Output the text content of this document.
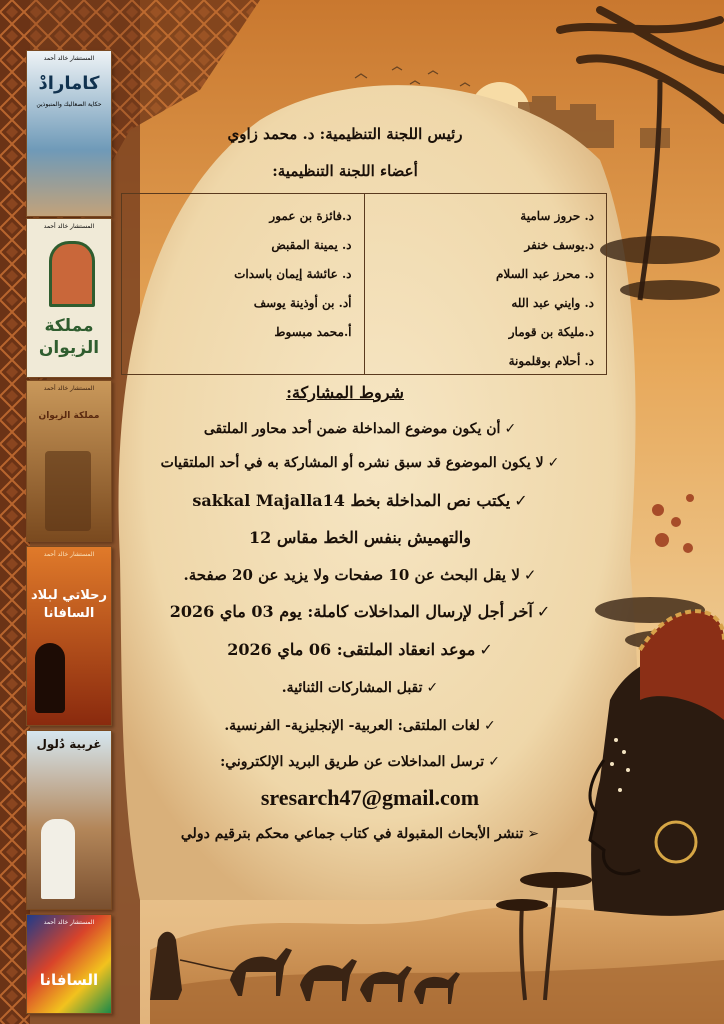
المستشار خالد أحمد
كامارادْ
حكاية الصعاليك والمنبوذين
المستشار خالد أحمد
مملكة الزيوان
المستشار خالد أحمد
مملكة الزيوان
المستشار خالد أحمد
رحلاتي لبلاد السافانا
غربية دُلول
المستشار خالد أحمد
السافانا
رئيس اللجنة التنظيمية: د. محمد زاوي
أعضاء اللجنة التنظيمية:
د. حروز سامية
د.يوسف خنفر
د. محرز عبد السلام
د. وايني عبد الله
د.مليكة بن قومار
د. أحلام بوقلمونة
د.فائزة بن عمور
د. يمينة المقبض
د. عائشة إيمان باسدات
أد. بن أوذينة يوسف
أ.محمد مبسوط
شروط المشاركة:
✓أن يكون موضوع المداخلة ضمن أحد محاور الملتقى
✓لا يكون الموضوع قد سبق نشره أو المشاركة به في أحد الملتقيات
✓يكتب نص المداخلة بخط sakkal Majalla14
والتهميش بنفس الخط مقاس 12
✓لا يقل البحث عن 10 صفحات ولا يزيد عن 20 صفحة.
✓آخر أجل لإرسال المداخلات كاملة: يوم 03 ماي 2026
✓موعد انعقاد الملتقى: 06 ماي 2026
✓تقبل المشاركات الثنائية.
✓لغات الملتقى: العربية- الإنجليزية- الفرنسية.
✓ترسل المداخلات عن طريق البريد الإلكتروني:
sresarch47@gmail.com
➢تنشر الأبحاث المقبولة في كتاب جماعي محكم بترقيم دولي
